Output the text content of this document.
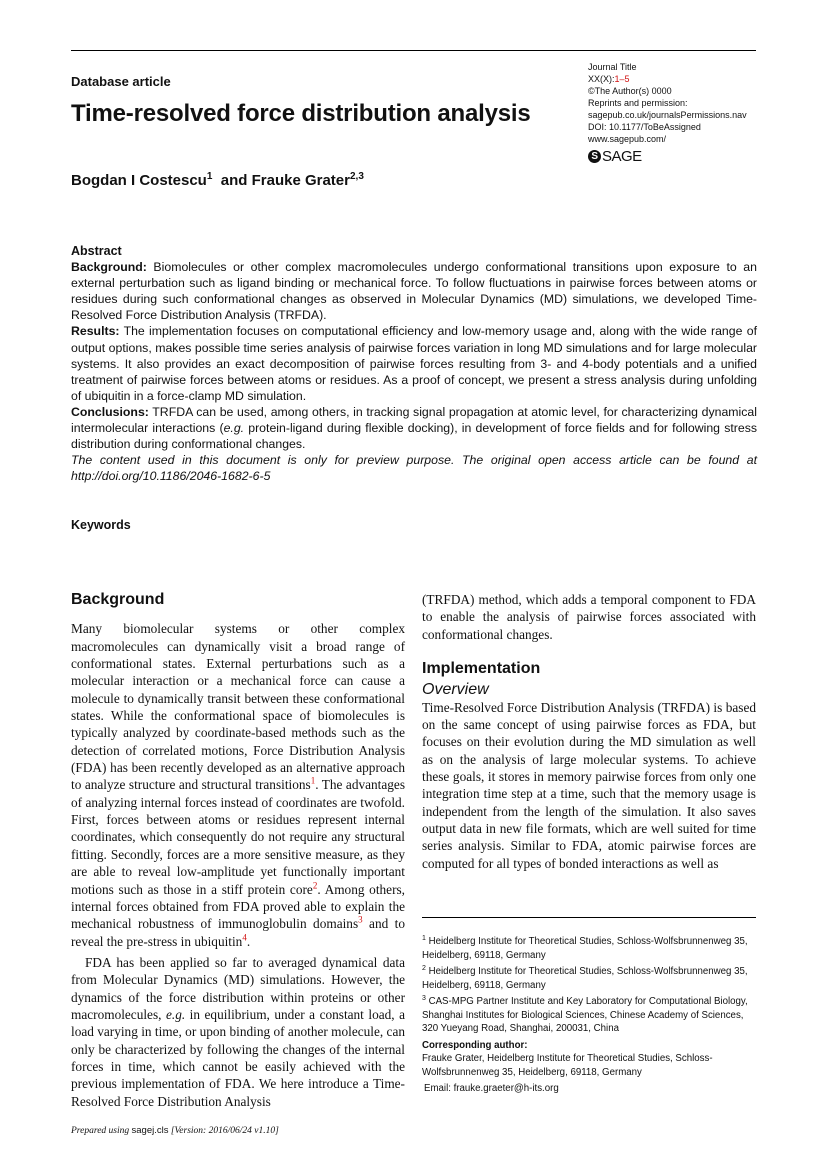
Database article
Time-resolved force distribution analysis
Bogdan I Costescu$^1$ and Frauke Grater$^{2,3}$
Journal Title
XX(X):1–5
©The Author(s) 0000
Reprints and permission:
sagepub.co.uk/journalsPermissions.nav
DOI: 10.1177/ToBeAssigned
www.sagepub.com/
S SAGE
Abstract

Background: Biomolecules or other complex macromolecules undergo conformational transitions upon exposure to an external perturbation such as ligand binding or mechanical force. To follow fluctuations in pairwise forces between atoms or residues during such conformational changes as observed in Molecular Dynamics (MD) simulations, we developed Time-Resolved Force Distribution Analysis (TRFDA).

Results: The implementation focuses on computational efficiency and low-memory usage and, along with the wide range of output options, makes possible time series analysis of pairwise forces variation in long MD simulations and for large molecular systems. It also provides an exact decomposition of pairwise forces resulting from 3- and 4-body potentials and a unified treatment of pairwise forces between atoms or residues. As a proof of concept, we present a stress analysis during unfolding of ubiquitin in a force-clamp MD simulation.

Conclusions: TRFDA can be used, among others, in tracking signal propagation at atomic level, for characterizing dynamical intermolecular interactions (e.g. protein-ligand during flexible docking), in development of force fields and for following stress distribution during conformational changes.

The content used in this document is only for preview purpose. The original open access article can be found at http://doi.org/10.1186/2046-1682-6-5

Keywords
Background

Many biomolecular systems or other complex macromolecules can dynamically visit a broad range of conformational states. External perturbations such as a molecular interaction or a mechanical force can cause a molecule to dynamically transit between these conformational states. While the conformational space of biomolecules is typically analyzed by coordinate-based methods such as the detection of correlated motions, Force Distribution Analysis (FDA) has been recently developed as an alternative approach to analyze structure and structural transitions$^1$. The advantages of analyzing internal forces instead of coordinates are twofold. First, forces between atoms or residues represent internal coordinates, which consequently do not require any structural fitting. Secondly, forces are a more sensitive measure, as they are able to reveal low-amplitude yet functionally important motions such as those in a stiff protein core$^2$. Among others, internal forces obtained from FDA proved able to explain the mechanical robustness of immunoglobulin domains$^3$ and to reveal the pre-stress in ubiquitin$^4$.

FDA has been applied so far to averaged dynamical data from Molecular Dynamics (MD) simulations. However, the dynamics of the force distribution within proteins or other macromolecules, e.g. in equilibrium, under a constant load, a load varying in time, or upon binding of another molecule, can only be characterized by following the changes of the internal forces in time, which cannot be easily achieved with the previous implementation of FDA. We here introduce a Time-Resolved Force Distribution Analysis

(TRFDA) method, which adds a temporal component to FDA to enable the analysis of pairwise forces associated with conformational changes.

Implementation
Overview

Time-Resolved Force Distribution Analysis (TRFDA) is based on the same concept of using pairwise forces as FDA, but focuses on their evolution during the MD simulation as well as on the analysis of large molecular systems. To achieve these goals, it stores in memory pairwise forces from only one integration time step at a time, such that the memory usage is independent from the length of the simulation. It also saves output data in new file formats, which are well suited for time series analysis. Similar to FDA, atomic pairwise forces are computed for all types of bonded interactions as well as

$^1$ Heidelberg Institute for Theoretical Studies, Schloss-Wolfsbrunnenweg 35, Heidelberg, 69118, Germany

$^2$ Heidelberg Institute for Theoretical Studies, Schloss-Wolfsbrunnenweg 35, Heidelberg, 69118, Germany

$^3$ CAS-MPG Partner Institute and Key Laboratory for Computational Biology, Shanghai Institutes for Biological Sciences, Chinese Academy of Sciences, 320 Yueyang Road, Shanghai, 200031, China

Corresponding author:

Frauke Grater, Heidelberg Institute for Theoretical Studies, Schloss-Wolfsbrunnenweg 35, Heidelberg, 69118, Germany

Email: frauke.graeter@h-its.org

Prepared using sagej.cls [Version: 2016/06/24 v1.10]
